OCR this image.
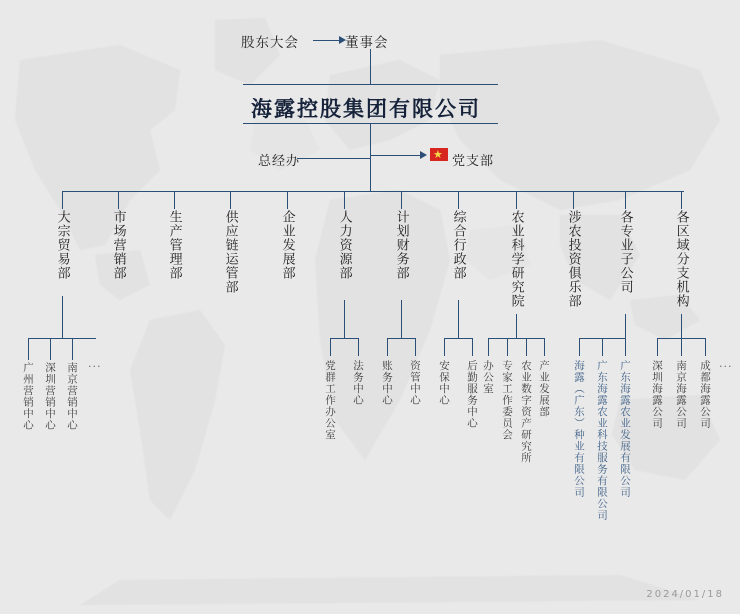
股东大会	董事会
海露控股集团有限公司
总经办	★ 党支部
大宗贸易部	市场营销部	生产管理部	供应链运管部	企业发展部	人力资源部	计划财务部	综合行政部	农业科学研究院	涉农投资俱乐部	各专业子公司	各区域分支机构
广州营销中心 深圳营销中心 南京营销中心 ···	党群工作办公室 法务中心 账务中心 资管中心 安保中心 后勤服务中心 办公室 专家工作委员会 农业数字资产研究所 产业发展部 海露（广东）种业有限公司 广东海露农业科技服务有限公司 广东海露农业发展有限公司 深圳海露公司 南京海露公司 成都海露公司 ···
2024/01/18
